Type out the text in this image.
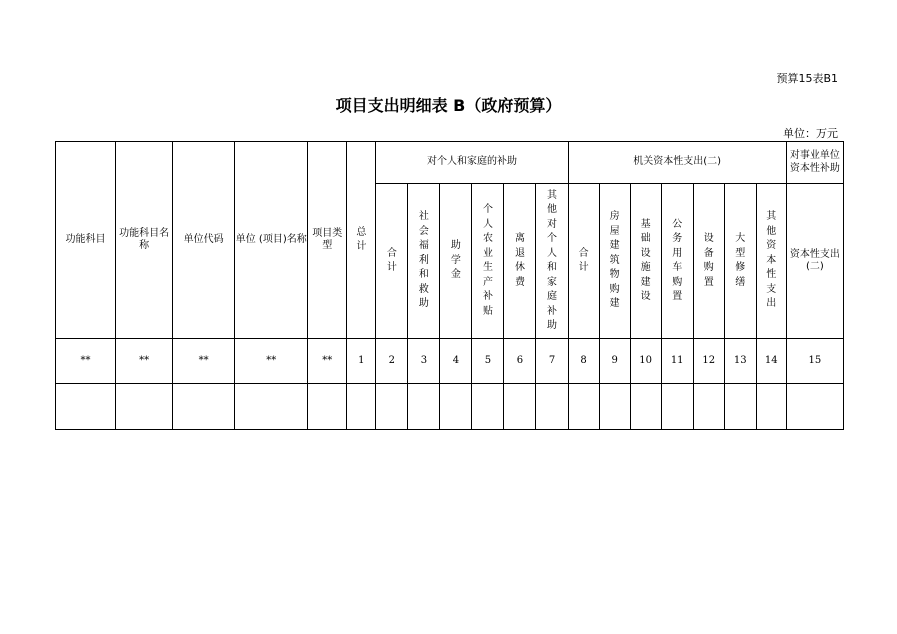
预算15表B1
项目支出明细表 B（政府预算）
单位：万元
功能科目	功能科目名称	单位代码	单位 (项目)名称	项目类型	总计	对个人和家庭的补助						机关资本性支出(二)							对事业单位资本性补助
						合计	社会福利和救助	助学金	个人农业生产补贴	离退休费	其他对个人和家庭补助	合计	房屋建筑物购建	基础设施建设	公务用车购置	设备购置	大型修缮	其他资本性支出	资本性支出(二)
**	**	**	**	**	1	2	3	4	5	6	7	8	9	10	11	12	13	14	15
